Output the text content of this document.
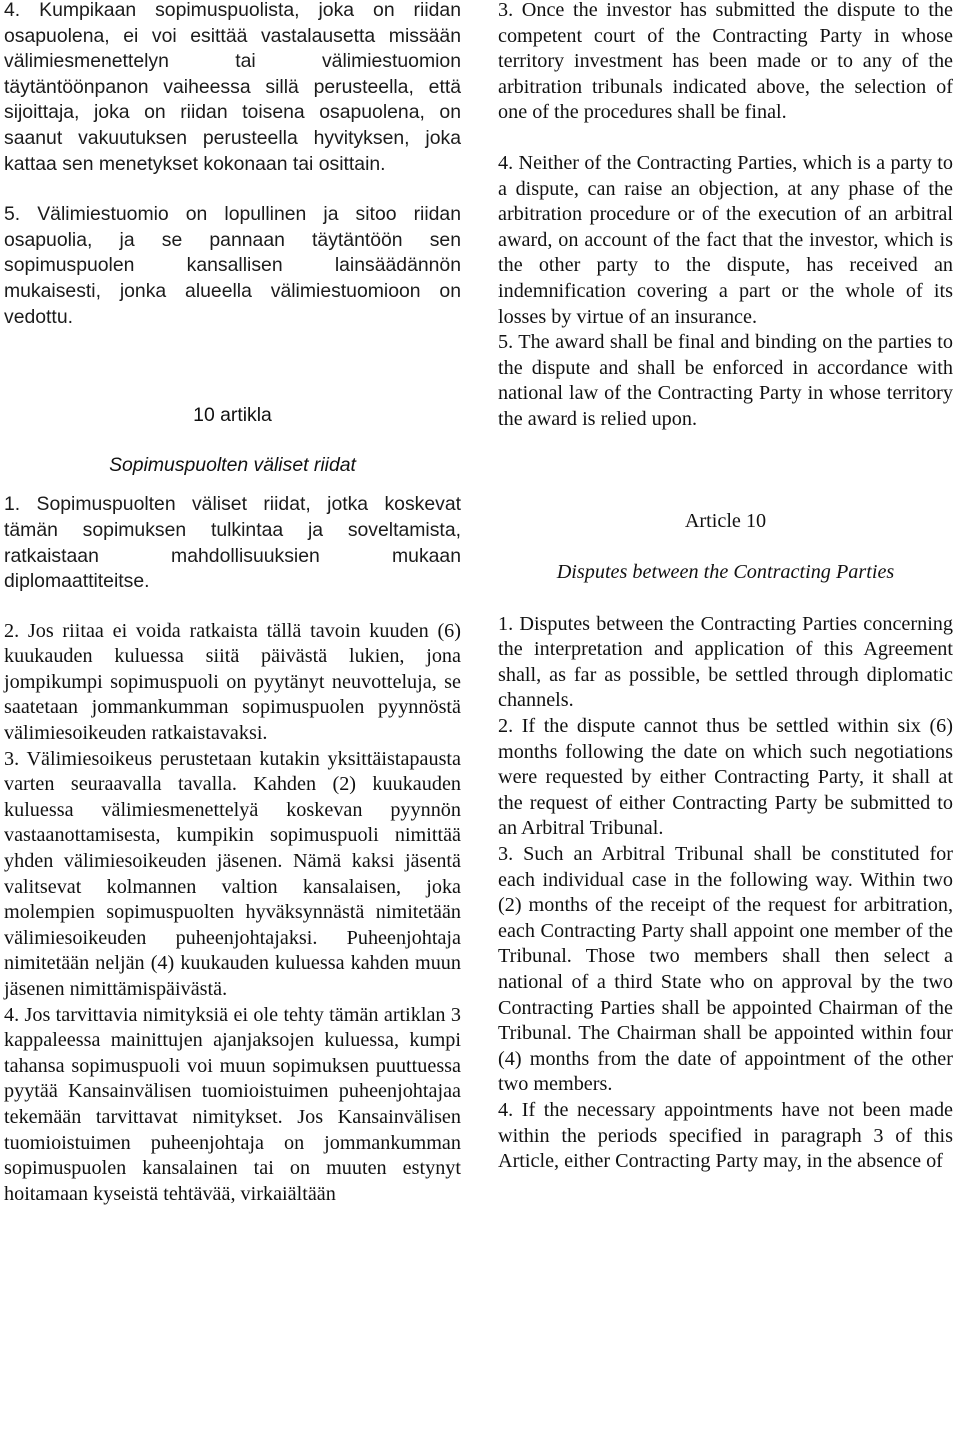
4. Kumpikaan sopimuspuolista, joka on riidan osapuolena, ei voi esittää vastalausetta missään välimiesmenettelyn tai välimiestuomion täytäntöönpanon vaiheessa sillä perusteella, että sijoittaja, joka on riidan toisena osapuolena, on saanut vakuutuksen perusteella hyvityksen, joka kattaa sen menetykset kokonaan tai osittain.

5. Välimiestuomio on lopullinen ja sitoo riidan osapuolia, ja se pannaan täytäntöön sen sopimuspuolen kansallisen lainsäädännön mukaisesti, jonka alueella välimiestuomioon on vedottu.

10 artikla

Sopimuspuolten väliset riidat

1. Sopimuspuolten väliset riidat, jotka koskevat tämän sopimuksen tulkintaa ja soveltamista, ratkaistaan mahdollisuuksien mukaan diplomaattiteitse.

2. Jos riitaa ei voida ratkaista tällä tavoin kuuden (6) kuukauden kuluessa siitä päivästä lukien, jona jompikumpi sopimuspuoli on pyytänyt neuvotteluja, se saatetaan jommankumman sopimuspuolen pyynnöstä välimiesoikeuden ratkaistavaksi.

3. Välimiesoikeus perustetaan kutakin yksittäistapausta varten seuraavalla tavalla. Kahden (2) kuukauden kuluessa välimiesmenettelyä koskevan pyynnön vastaanottamisesta, kumpikin sopimuspuoli nimittää yhden välimiesoikeuden jäsenen. Nämä kaksi jäsentä valitsevat kolmannen valtion kansalaisen, joka molempien sopimuspuolten hyväksynnästä nimitetään välimiesoikeuden puheenjohtajaksi. Puheenjohtaja nimitetään neljän (4) kuukauden kuluessa kahden muun jäsenen nimittämispäivästä.

4. Jos tarvittavia nimityksiä ei ole tehty tämän artiklan 3 kappaleessa mainittujen ajanjaksojen kuluessa, kumpi tahansa sopimuspuoli voi muun sopimuksen puuttuessa pyytää Kansainvälisen tuomioistuimen puheenjohtajaa tekemään tarvittavat nimitykset. Jos Kansainvälisen tuomioistuimen puheenjohtaja on jommankumman sopimuspuolen kansalainen tai on muuten estynyt hoitamaan kyseistä tehtävää, virkaiältään

3. Once the investor has submitted the dispute to the competent court of the Contracting Party in whose territory investment has been made or to any of the arbitration tribunals indicated above, the selection of one of the procedures shall be final.

4. Neither of the Contracting Parties, which is a party to a dispute, can raise an objection, at any phase of the arbitration procedure or of the execution of an arbitral award, on account of the fact that the investor, which is the other party to the dispute, has received an indemnification covering a part or the whole of its losses by virtue of an insurance.

5. The award shall be final and binding on the parties to the dispute and shall be enforced in accordance with national law of the Contracting Party in whose territory the award is relied upon.

Article 10

Disputes between the Contracting Parties

1. Disputes between the Contracting Parties concerning the interpretation and application of this Agreement shall, as far as possible, be settled through diplomatic channels.

2. If the dispute cannot thus be settled within six (6) months following the date on which such negotiations were requested by either Contracting Party, it shall at the request of either Contracting Party be submitted to an Arbitral Tribunal.

3. Such an Arbitral Tribunal shall be constituted for each individual case in the following way. Within two (2) months of the receipt of the request for arbitration, each Contracting Party shall appoint one member of the Tribunal. Those two members shall then select a national of a third State who on approval by the two Contracting Parties shall be appointed Chairman of the Tribunal. The Chairman shall be appointed within four (4) months from the date of appointment of the other two members.

4. If the necessary appointments have not been made within the periods specified in paragraph 3 of this Article, either Contracting Party may, in the absence of
